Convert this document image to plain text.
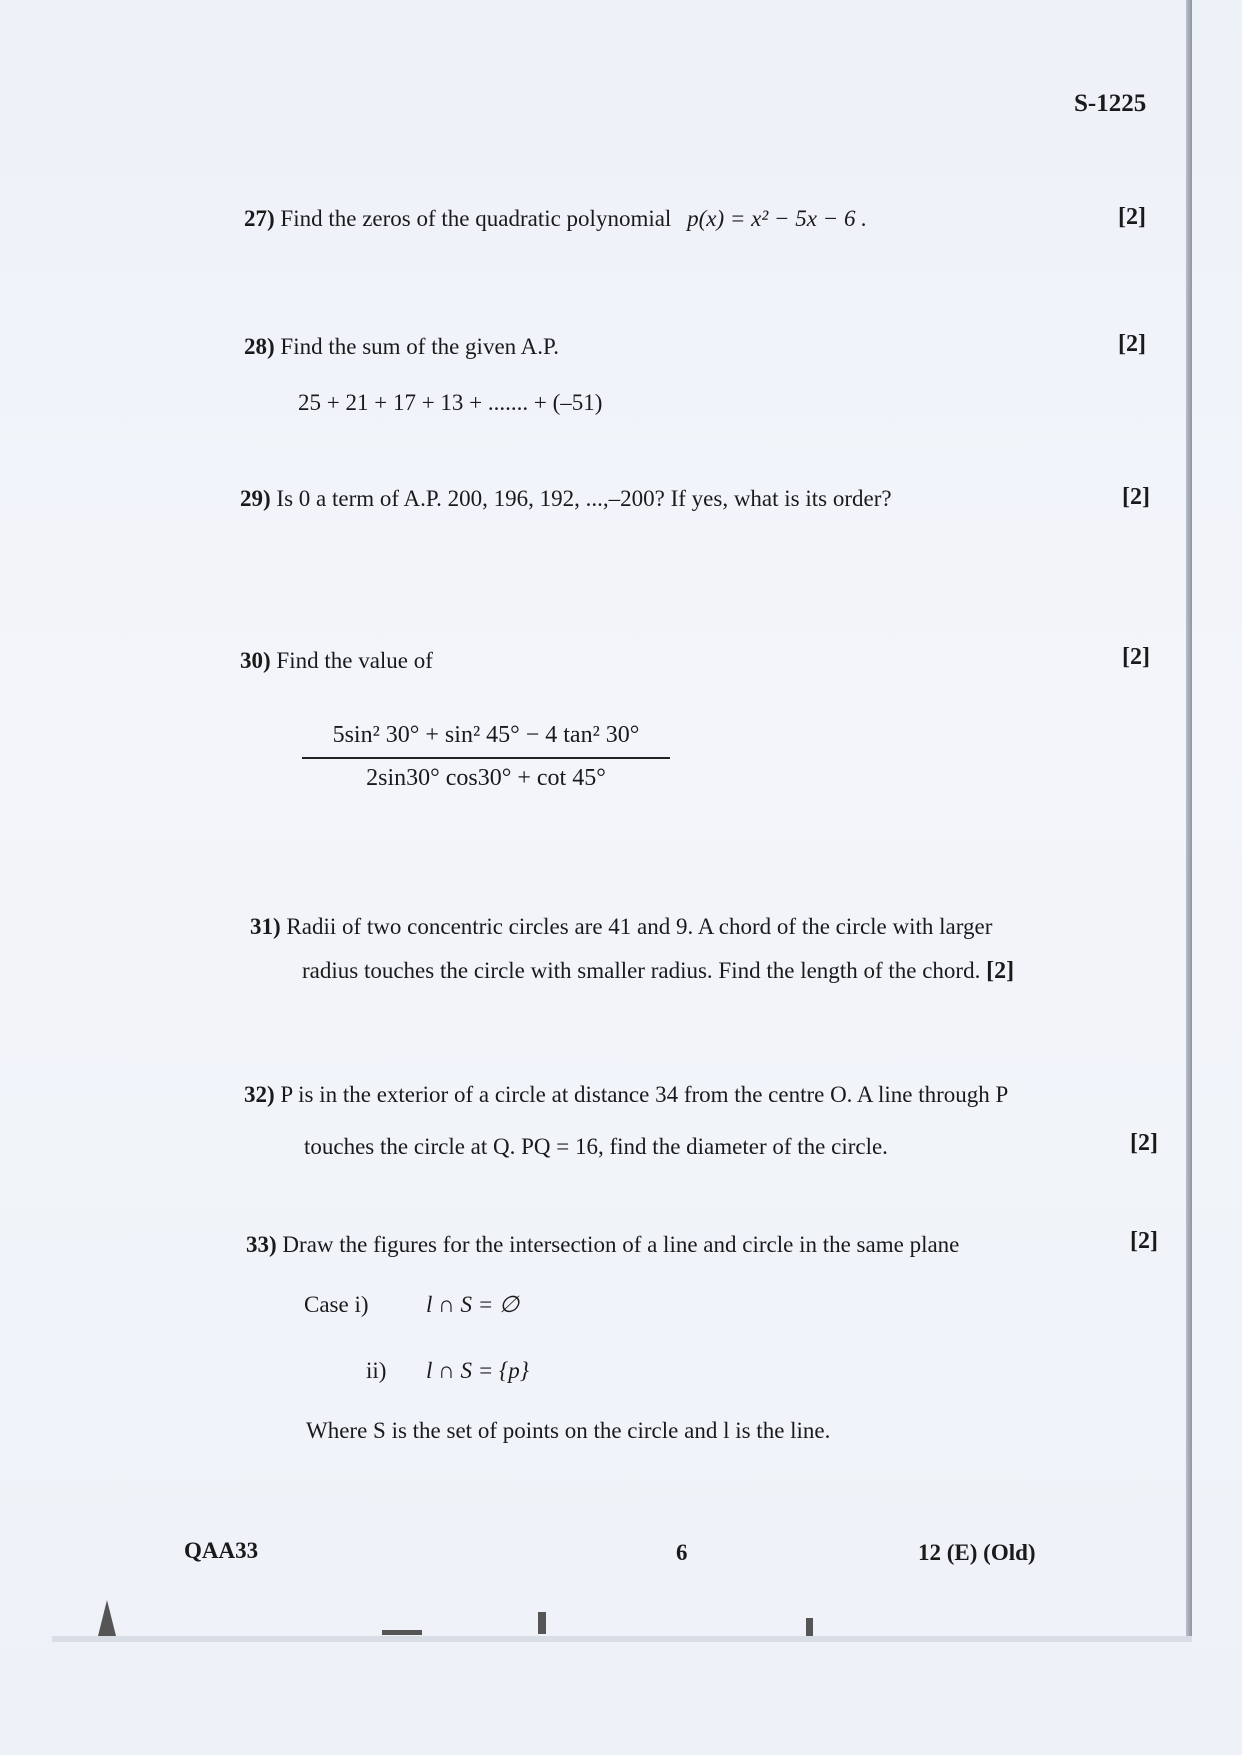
S-1225
27) Find the zeros of the quadratic polynomial p(x) = x² − 5x − 6 .	[2]
28) Find the sum of the given A.P.
25 + 21 + 17 + 13 + ....... + (–51)
[2]
29) Is 0 a term of A.P. 200, 196, 192, ...,–200? If yes, what is its order?	[2]
30) Find the value of	[2]
5sin² 30° + sin² 45° − 4 tan² 30°
2sin30° cos30° + cot 45°
31) Radii of two concentric circles are 41 and 9. A chord of the circle with larger
radius touches the circle with smaller radius. Find the length of the chord. [2]
32) P is in the exterior of a circle at distance 34 from the centre O. A line through P
touches the circle at Q. PQ = 16, find the diameter of the circle.	[2]
33) Draw the figures for the intersection of a line and circle in the same plane	[2]
Case i) l ∩ S = ∅
ii) l ∩ S = {p}
Where S is the set of points on the circle and l is the line.
QAA33	6	12 (E) (Old)
